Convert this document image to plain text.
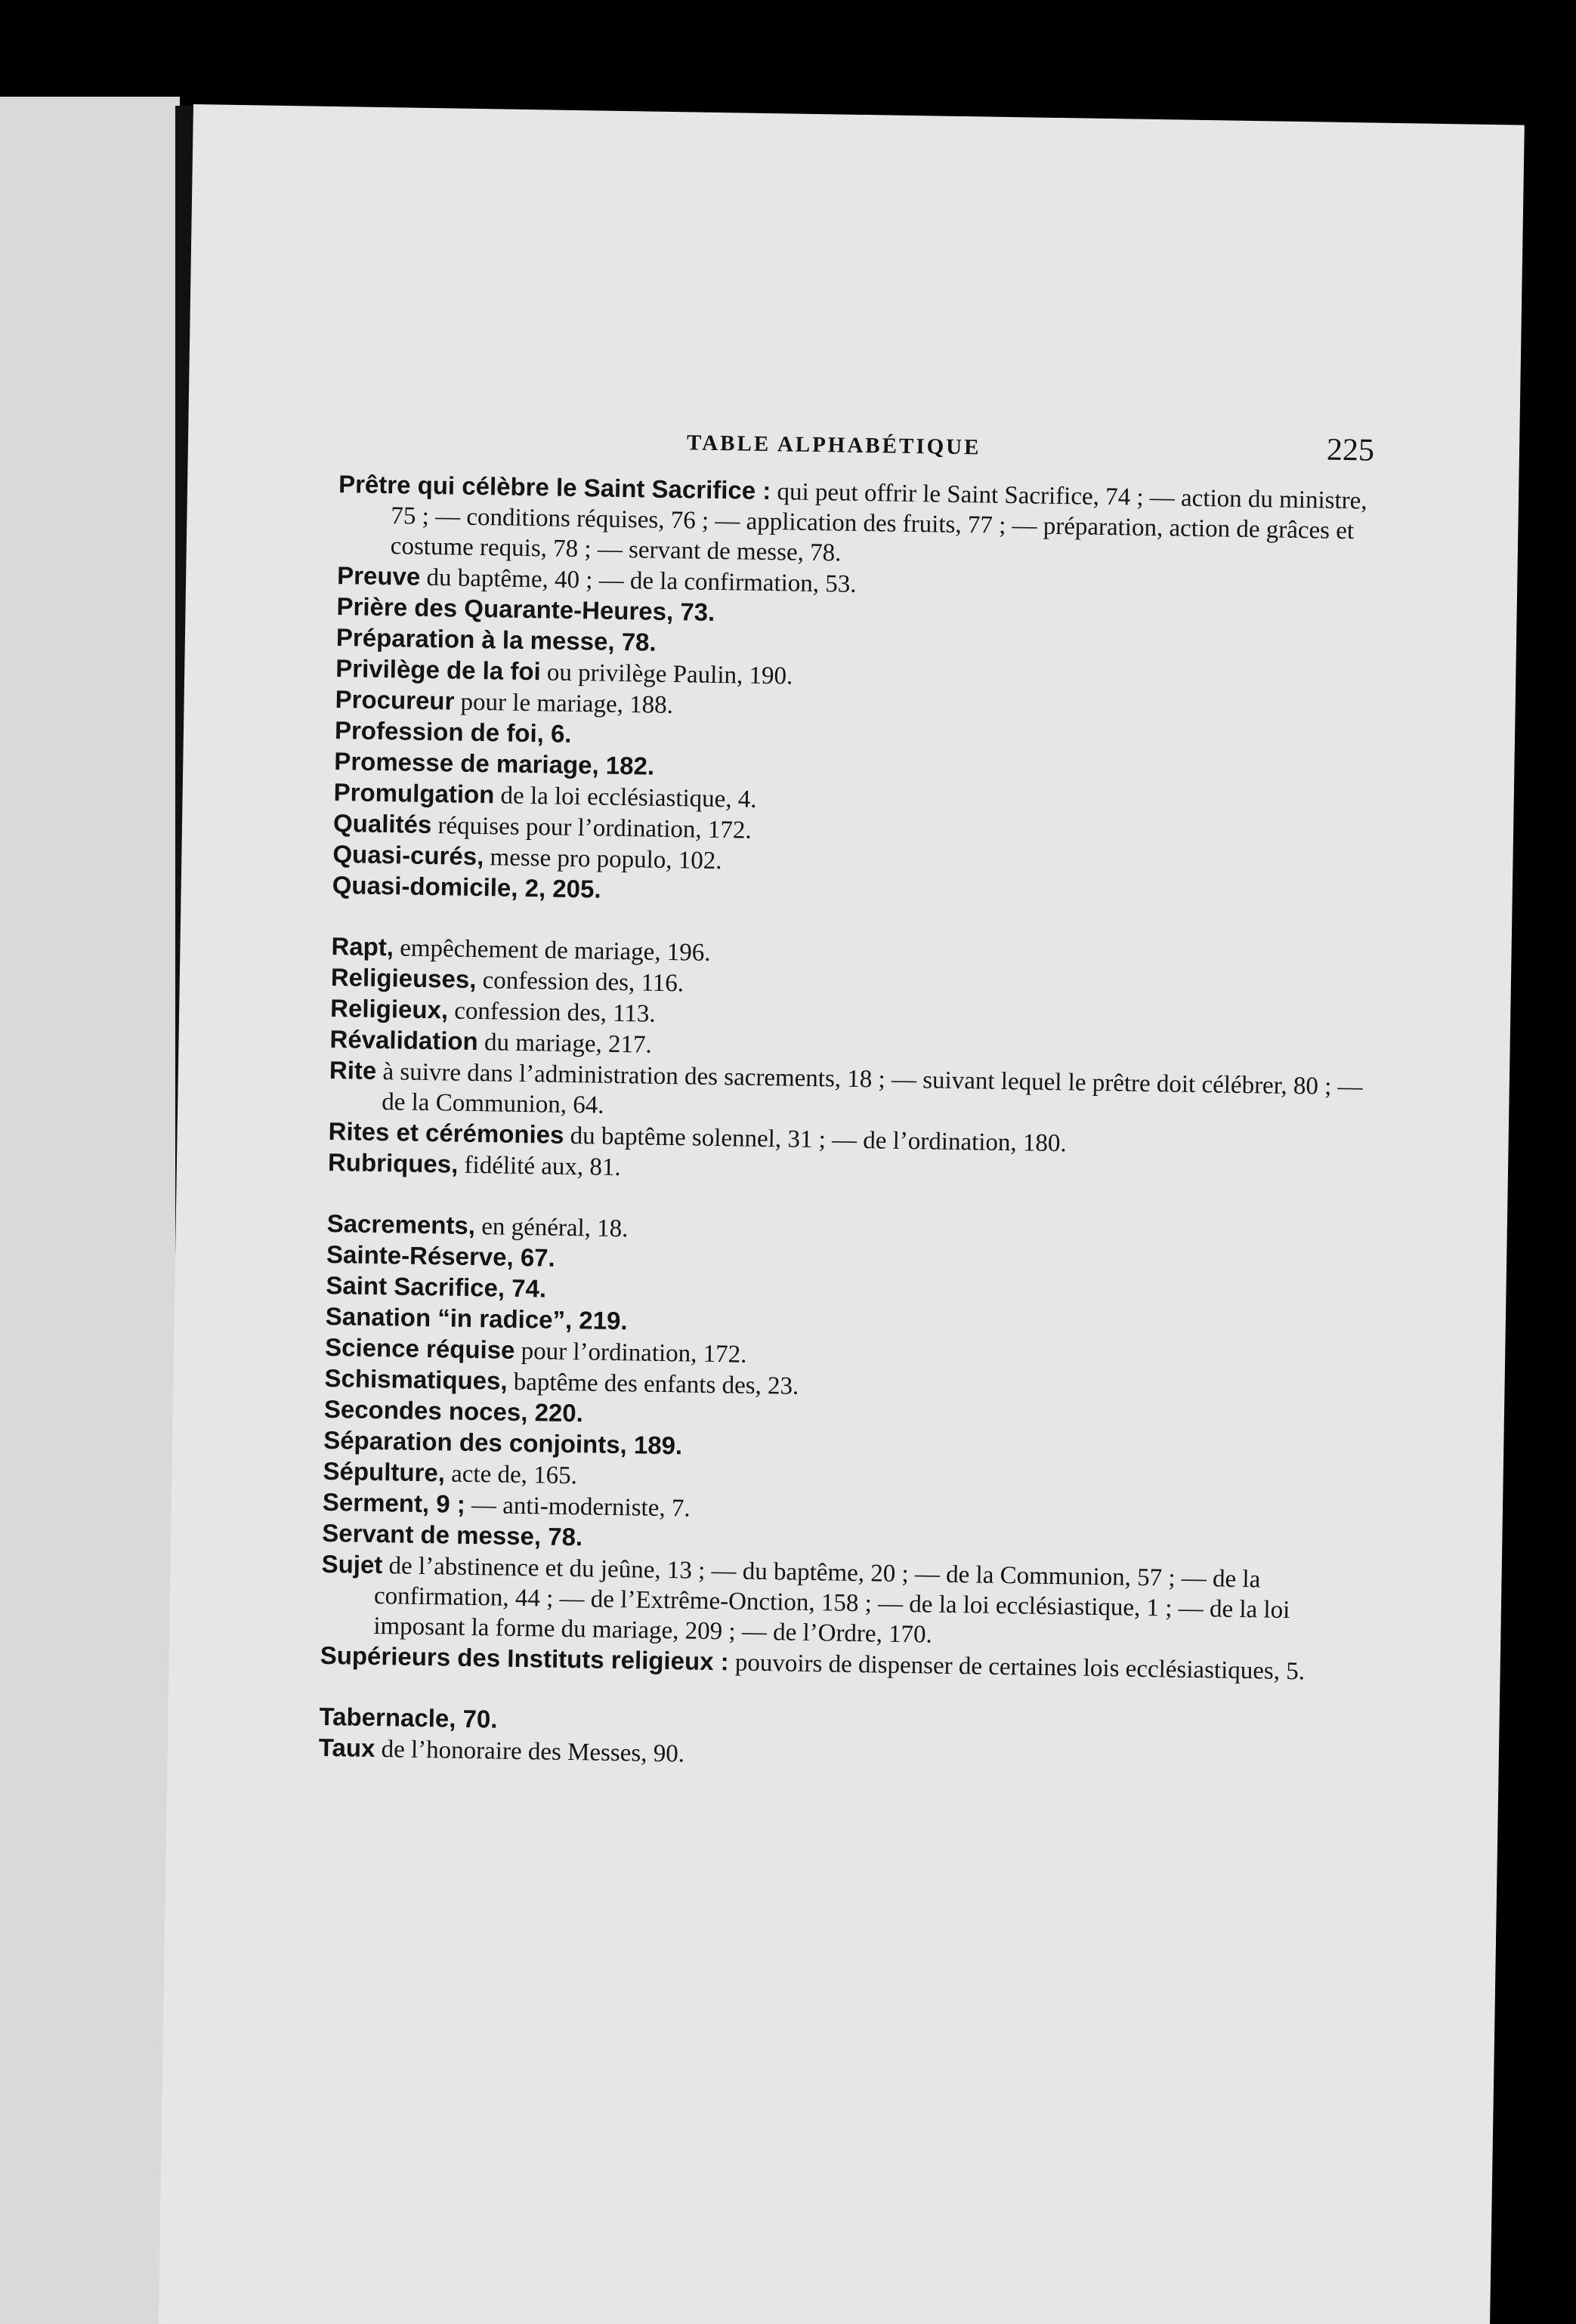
TABLE ALPHABÉTIQUE	225

Prêtre qui célèbre le Saint Sacrifice : qui peut offrir le Saint Sacrifice, 74 ; — action du ministre, 75 ; — conditions réquises, 76 ; — application des fruits, 77 ; — préparation, action de grâces et costume requis, 78 ; — servant de messe, 78.

Preuve du baptême, 40 ; — de la confirmation, 53.

Prière des Quarante-Heures, 73.

Préparation à la messe, 78.

Privilège de la foi ou privilège Paulin, 190.

Procureur pour le mariage, 188.

Profession de foi, 6.

Promesse de mariage, 182.

Promulgation de la loi ecclésiastique, 4.

Qualités réquises pour l’ordination, 172.

Quasi-curés, messe pro populo, 102.

Quasi-domicile, 2, 205.

Rapt, empêchement de mariage, 196.

Religieuses, confession des, 116.

Religieux, confession des, 113.

Révalidation du mariage, 217.

Rite à suivre dans l’administration des sacrements, 18 ; — suivant lequel le prêtre doit célébrer, 80 ; — de la Communion, 64.

Rites et cérémonies du baptême solennel, 31 ; — de l’ordination, 180.

Rubriques, fidélité aux, 81.

Sacrements, en général, 18.

Sainte-Réserve, 67.

Saint Sacrifice, 74.

Sanation “in radice”, 219.

Science réquise pour l’ordination, 172.

Schismatiques, baptême des enfants des, 23.

Secondes noces, 220.

Séparation des conjoints, 189.

Sépulture, acte de, 165.

Serment, 9 ; — anti-moderniste, 7.

Servant de messe, 78.

Sujet de l’abstinence et du jeûne, 13 ; — du baptême, 20 ; — de la Communion, 57 ; — de la confirmation, 44 ; — de l’Extrême-Onction, 158 ; — de la loi ecclésiastique, 1 ; — de la loi imposant la forme du mariage, 209 ; — de l’Ordre, 170.

Supérieurs des Instituts religieux : pouvoirs de dispenser de certaines lois ecclésiastiques, 5.

Tabernacle, 70.

Taux de l’honoraire des Messes, 90.
